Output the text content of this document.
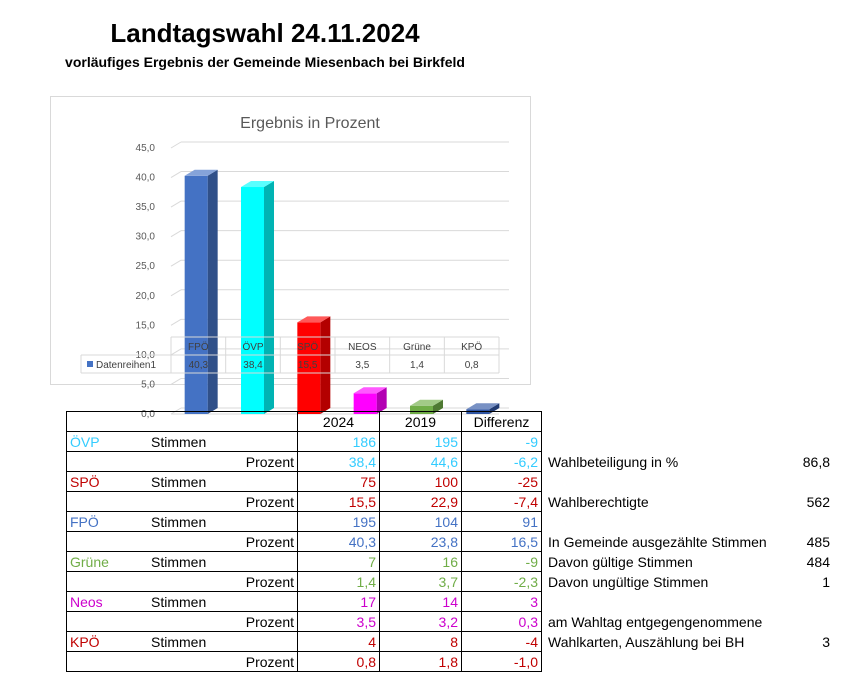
Landtagswahl 24.11.2024
vorläufiges Ergebnis der Gemeinde Miesenbach bei Birkfeld
Ergebnis in Prozent
45,0
40,0
35,0
30,0
25,0
20,0
15,0
10,0
5,0
0,0
FPÖ
40,3
ÖVP
38,4
SPÖ
15,5
NEOS
3,5
Grüne
1,4
KPÖ
0,8
Datenreihen1
		2024	2019	Differenz
ÖVP	Stimmen	186	195	-9
	Prozent	38,4	44,6	-6,2
SPÖ	Stimmen	75	100	-25
	Prozent	15,5	22,9	-7,4
FPÖ	Stimmen	195	104	91
	Prozent	40,3	23,8	16,5
Grüne	Stimmen	7	16	-9
	Prozent	1,4	3,7	-2,3
Neos	Stimmen	17	14	3
	Prozent	3,5	3,2	0,3
KPÖ	Stimmen	4	8	-4
	Prozent	0,8	1,8	-1,0
Wahlbeteiligung in %	86,8
Wahlberechtigte	562
In Gemeinde ausgezählte Stimmen	485
Davon gültige Stimmen	484
Davon ungültige Stimmen	1
am Wahltag entgegengenommene
Wahlkarten, Auszählung bei BH	3
